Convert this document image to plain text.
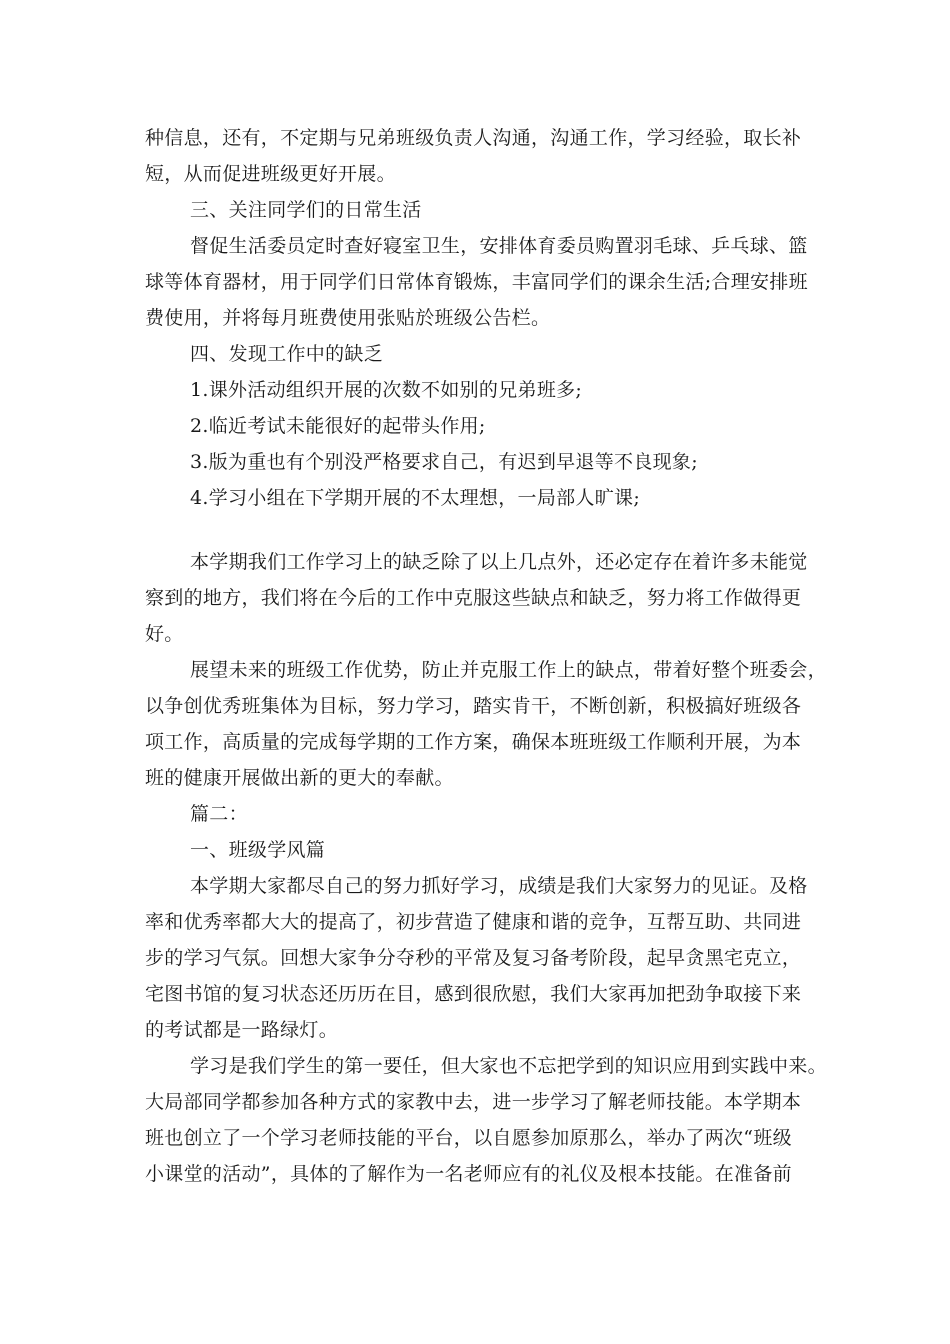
种信息，还有，不定期与兄弟班级负责人沟通，沟通工作，学习经验，取长补
短，从而促进班级更好开展。
三、关注同学们的日常生活
督促生活委员定时查好寝室卫生，安排体育委员购置羽毛球、乒乓球、篮
球等体育器材，用于同学们日常体育锻炼，丰富同学们的课余生活;合理安排班
费使用，并将每月班费使用张贴於班级公告栏。
四、发现工作中的缺乏
1.课外活动组织开展的次数不如别的兄弟班多;
2.临近考试未能很好的起带头作用;
3.版为重也有个别没严格要求自己，有迟到早退等不良现象;
4.学习小组在下学期开展的不太理想，一局部人旷课;
本学期我们工作学习上的缺乏除了以上几点外，还必定存在着许多未能觉
察到的地方，我们将在今后的工作中克服这些缺点和缺乏，努力将工作做得更
好。
展望未来的班级工作优势，防止并克服工作上的缺点，带着好整个班委会，
以争创优秀班集体为目标，努力学习，踏实肯干，不断创新，积极搞好班级各
项工作，高质量的完成每学期的工作方案，确保本班班级工作顺利开展，为本
班的健康开展做出新的更大的奉献。
篇二：
一、班级学风篇
本学期大家都尽自己的努力抓好学习，成绩是我们大家努力的见证。及格
率和优秀率都大大的提高了，初步营造了健康和谐的竞争，互帮互助、共同进
步的学习气氛。回想大家争分夺秒的平常及复习备考阶段，起早贪黑宅克立，
宅图书馆的复习状态还历历在目，感到很欣慰，我们大家再加把劲争取接下来
的考试都是一路绿灯。
学习是我们学生的第一要任，但大家也不忘把学到的知识应用到实践中来。
大局部同学都参加各种方式的家教中去，进一步学习了解老师技能。本学期本
班也创立了一个学习老师技能的平台，以自愿参加原那么，举办了两次“班级
小课堂的活动”，具体的了解作为一名老师应有的礼仪及根本技能。在准备前
